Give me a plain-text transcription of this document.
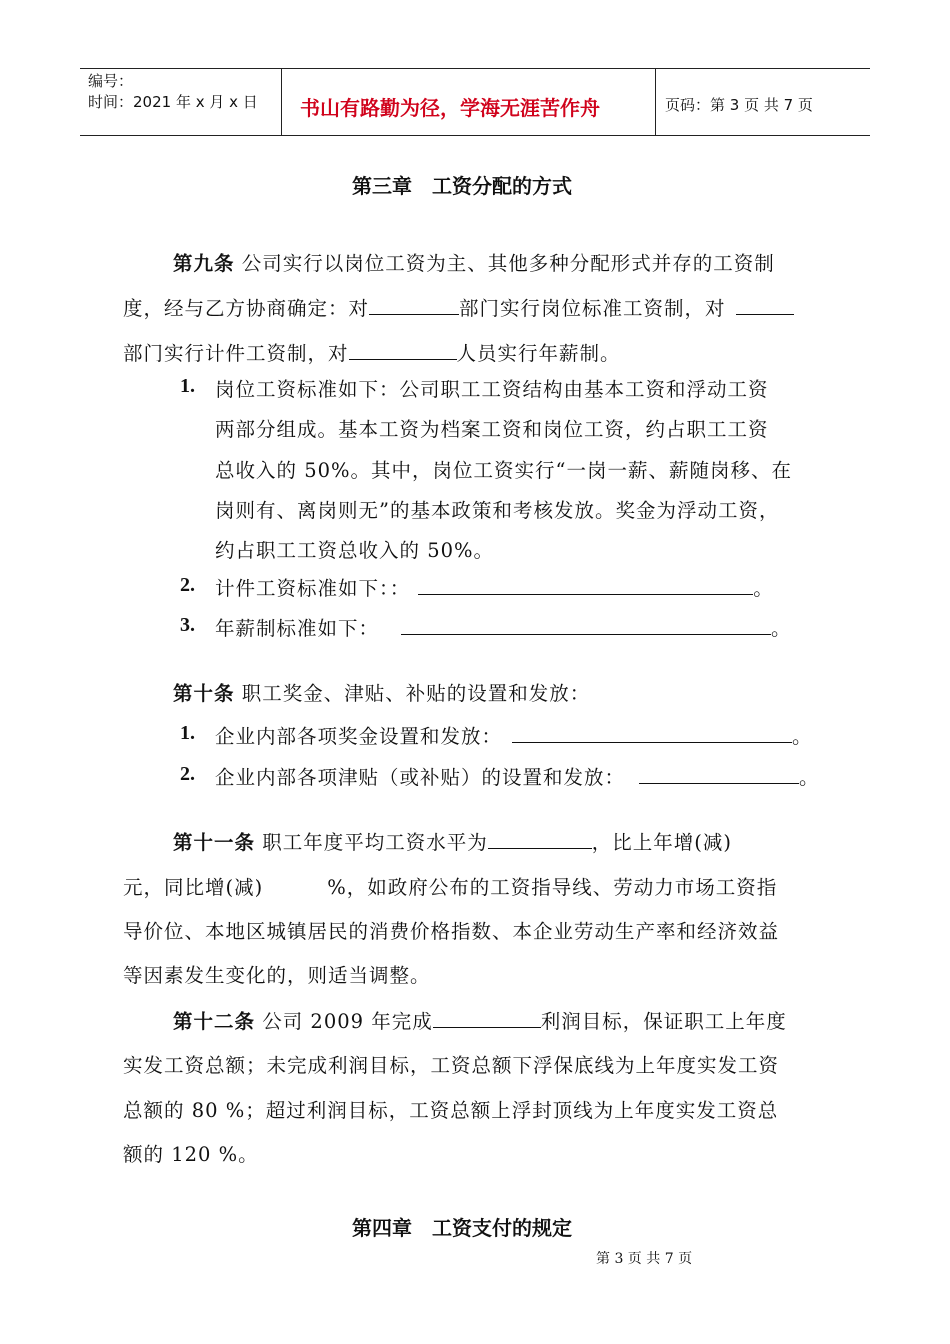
编号：
时间：2021 年 x 月 x 日 书山有路勤为径，学海无涯苦作舟	页码：第 3 页 共 7 页
第三章　工资分配的方式
第九条 公司实行以岗位工资为主、其他多种分配形式并存的工资制
度，经与乙方协商确定：对	部门实行岗位标准工资制，对
部门实行计件工资制，对	人员实行年薪制。
1. 岗位工资标准如下：公司职工工资结构由基本工资和浮动工资
两部分组成。基本工资为档案工资和岗位工资，约占职工工资
总收入的 50%。其中，岗位工资实行“一岗一薪、薪随岗移、在
岗则有、离岗则无”的基本政策和考核发放。奖金为浮动工资，
约占职工工资总收入的 50%。
2. 计件工资标准如下：：	。
3. 年薪制标准如下：	。
第十条 职工奖金、津贴、补贴的设置和发放：
1. 企业内部各项奖金设置和发放：	。
2. 企业内部各项津贴（或补贴）的设置和发放：	。
第十一条 职工年度平均工资水平为	，比上年增(减)
元，同比增(减)	%，如政府公布的工资指导线、劳动力市场工资指
导价位、本地区城镇居民的消费价格指数、本企业劳动生产率和经济效益
等因素发生变化的，则适当调整。
第十二条 公司 2009 年完成	利润目标，保证职工上年度
实发工资总额；未完成利润目标，工资总额下浮保底线为上年度实发工资
总额的 80 %；超过利润目标，工资总额上浮封顶线为上年度实发工资总
额的 120 %。
第四章　工资支付的规定
第 3 页 共 7 页
